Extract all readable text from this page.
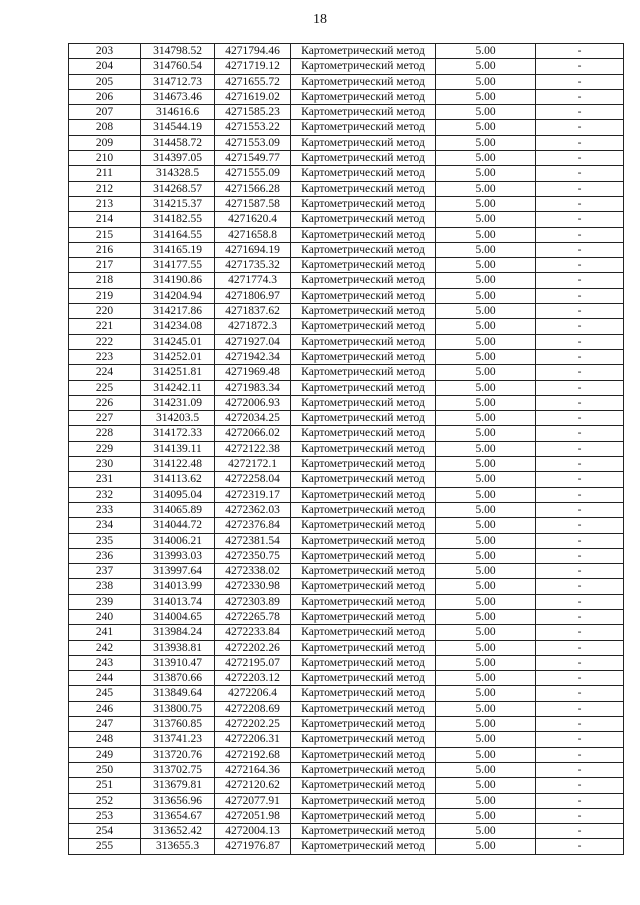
18
203	314798.52	4271794.46	Картометрический метод	5.00	-
204	314760.54	4271719.12	Картометрический метод	5.00	-
205	314712.73	4271655.72	Картометрический метод	5.00	-
206	314673.46	4271619.02	Картометрический метод	5.00	-
207	314616.6	4271585.23	Картометрический метод	5.00	-
208	314544.19	4271553.22	Картометрический метод	5.00	-
209	314458.72	4271553.09	Картометрический метод	5.00	-
210	314397.05	4271549.77	Картометрический метод	5.00	-
211	314328.5	4271555.09	Картометрический метод	5.00	-
212	314268.57	4271566.28	Картометрический метод	5.00	-
213	314215.37	4271587.58	Картометрический метод	5.00	-
214	314182.55	4271620.4	Картометрический метод	5.00	-
215	314164.55	4271658.8	Картометрический метод	5.00	-
216	314165.19	4271694.19	Картометрический метод	5.00	-
217	314177.55	4271735.32	Картометрический метод	5.00	-
218	314190.86	4271774.3	Картометрический метод	5.00	-
219	314204.94	4271806.97	Картометрический метод	5.00	-
220	314217.86	4271837.62	Картометрический метод	5.00	-
221	314234.08	4271872.3	Картометрический метод	5.00	-
222	314245.01	4271927.04	Картометрический метод	5.00	-
223	314252.01	4271942.34	Картометрический метод	5.00	-
224	314251.81	4271969.48	Картометрический метод	5.00	-
225	314242.11	4271983.34	Картометрический метод	5.00	-
226	314231.09	4272006.93	Картометрический метод	5.00	-
227	314203.5	4272034.25	Картометрический метод	5.00	-
228	314172.33	4272066.02	Картометрический метод	5.00	-
229	314139.11	4272122.38	Картометрический метод	5.00	-
230	314122.48	4272172.1	Картометрический метод	5.00	-
231	314113.62	4272258.04	Картометрический метод	5.00	-
232	314095.04	4272319.17	Картометрический метод	5.00	-
233	314065.89	4272362.03	Картометрический метод	5.00	-
234	314044.72	4272376.84	Картометрический метод	5.00	-
235	314006.21	4272381.54	Картометрический метод	5.00	-
236	313993.03	4272350.75	Картометрический метод	5.00	-
237	313997.64	4272338.02	Картометрический метод	5.00	-
238	314013.99	4272330.98	Картометрический метод	5.00	-
239	314013.74	4272303.89	Картометрический метод	5.00	-
240	314004.65	4272265.78	Картометрический метод	5.00	-
241	313984.24	4272233.84	Картометрический метод	5.00	-
242	313938.81	4272202.26	Картометрический метод	5.00	-
243	313910.47	4272195.07	Картометрический метод	5.00	-
244	313870.66	4272203.12	Картометрический метод	5.00	-
245	313849.64	4272206.4	Картометрический метод	5.00	-
246	313800.75	4272208.69	Картометрический метод	5.00	-
247	313760.85	4272202.25	Картометрический метод	5.00	-
248	313741.23	4272206.31	Картометрический метод	5.00	-
249	313720.76	4272192.68	Картометрический метод	5.00	-
250	313702.75	4272164.36	Картометрический метод	5.00	-
251	313679.81	4272120.62	Картометрический метод	5.00	-
252	313656.96	4272077.91	Картометрический метод	5.00	-
253	313654.67	4272051.98	Картометрический метод	5.00	-
254	313652.42	4272004.13	Картометрический метод	5.00	-
255	313655.3	4271976.87	Картометрический метод	5.00	-
